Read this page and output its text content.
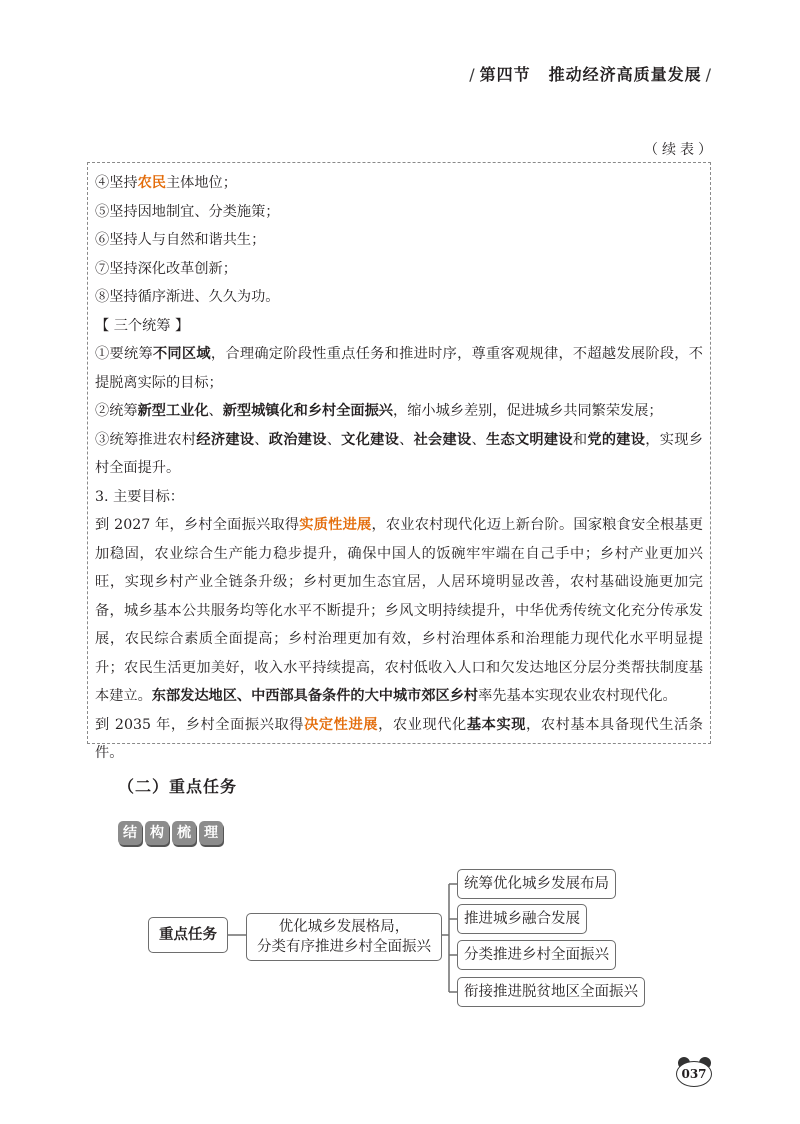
/ 第四节 推动经济高质量发展 /
（续表）

④坚持农民主体地位；

⑤坚持因地制宜、分类施策；

⑥坚持人与自然和谐共生；

⑦坚持深化改革创新；

⑧坚持循序渐进、久久为功。

【 三个统筹 】

①要统筹不同区域，合理确定阶段性重点任务和推进时序，尊重客观规律，不超越发展阶段，不提脱离实际的目标；

②统筹新型工业化、新型城镇化和乡村全面振兴，缩小城乡差别，促进城乡共同繁荣发展；

③统筹推进农村经济建设、政治建设、文化建设、社会建设、生态文明建设和党的建设，实现乡村全面提升。

3. 主要目标：

到 2027 年，乡村全面振兴取得实质性进展，农业农村现代化迈上新台阶。国家粮食安全根基更加稳固，农业综合生产能力稳步提升，确保中国人的饭碗牢牢端在自己手中；乡村产业更加兴旺，实现乡村产业全链条升级；乡村更加生态宜居，人居环境明显改善，农村基础设施更加完备，城乡基本公共服务均等化水平不断提升；乡风文明持续提升，中华优秀传统文化充分传承发展，农民综合素质全面提高；乡村治理更加有效，乡村治理体系和治理能力现代化水平明显提升；农民生活更加美好，收入水平持续提高，农村低收入人口和欠发达地区分层分类帮扶制度基本建立。东部发达地区、中西部具备条件的大中城市郊区乡村率先基本实现农业农村现代化。

到 2035 年，乡村全面振兴取得决定性进展，农业现代化基本实现，农村基本具备现代生活条件。

（二）重点任务
结 构 梳 理
重点任务	优化城乡发展格局，
分类有序推进乡村全面振兴
统筹优化城乡发展布局
推进城乡融合发展
分类推进乡村全面振兴
衔接推进脱贫地区全面振兴
037
